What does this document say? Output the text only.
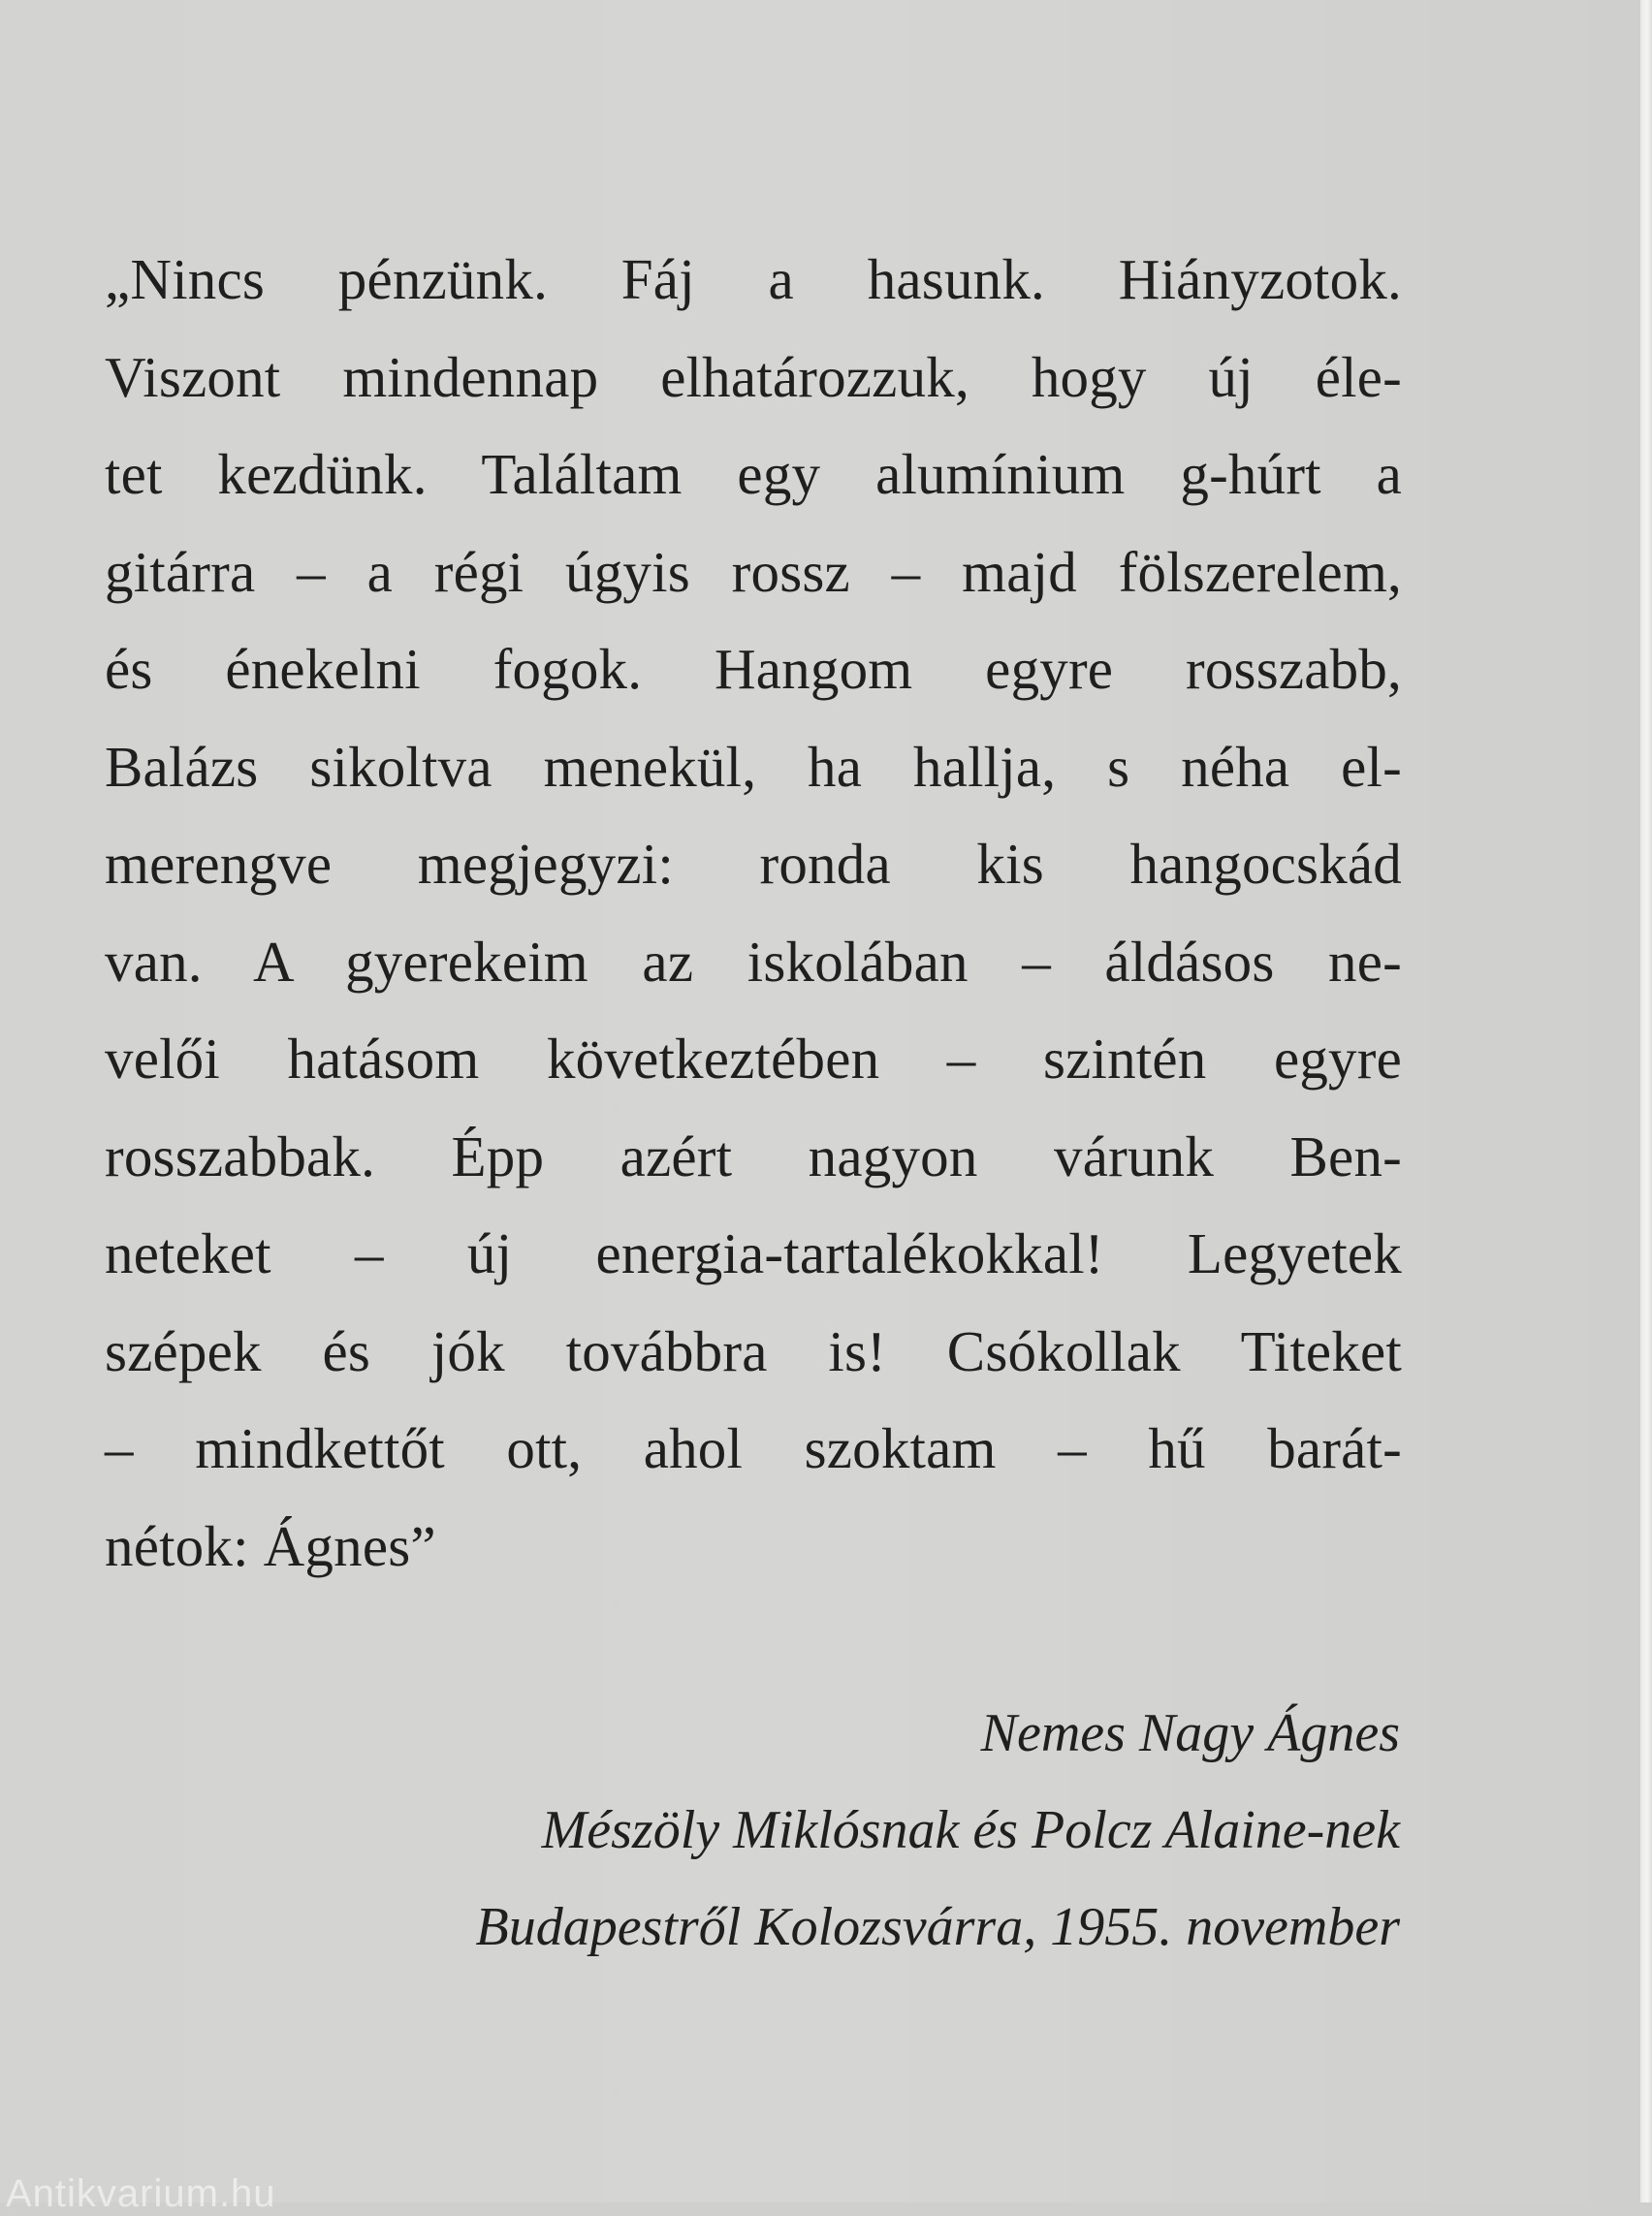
„Nincs pénzünk. Fáj a hasunk. Hiányzotok.
Viszont mindennap elhatározzuk, hogy új éle-
tet kezdünk. Találtam egy alumínium g-húrt a
gitárra – a régi úgyis rossz – majd fölszerelem,
és énekelni fogok. Hangom egyre rosszabb,
Balázs sikoltva menekül, ha hallja, s néha el-
merengve megjegyzi: ronda kis hangocskád
van. A gyerekeim az iskolában – áldásos ne-
velői hatásom következtében – szintén egyre
rosszabbak. Épp azért nagyon várunk Ben-
neteket – új energia-tartalékokkal! Legyetek
szépek és jók továbbra is! Csókollak Titeket
– mindkettőt ott, ahol szoktam – hű barát-
nétok: Ágnes”

Nemes Nagy Ágnes
Mészöly Miklósnak és Polcz Alaine-nek
Budapestről Kolozsvárra, 1955. november

Antikvarium.hu
